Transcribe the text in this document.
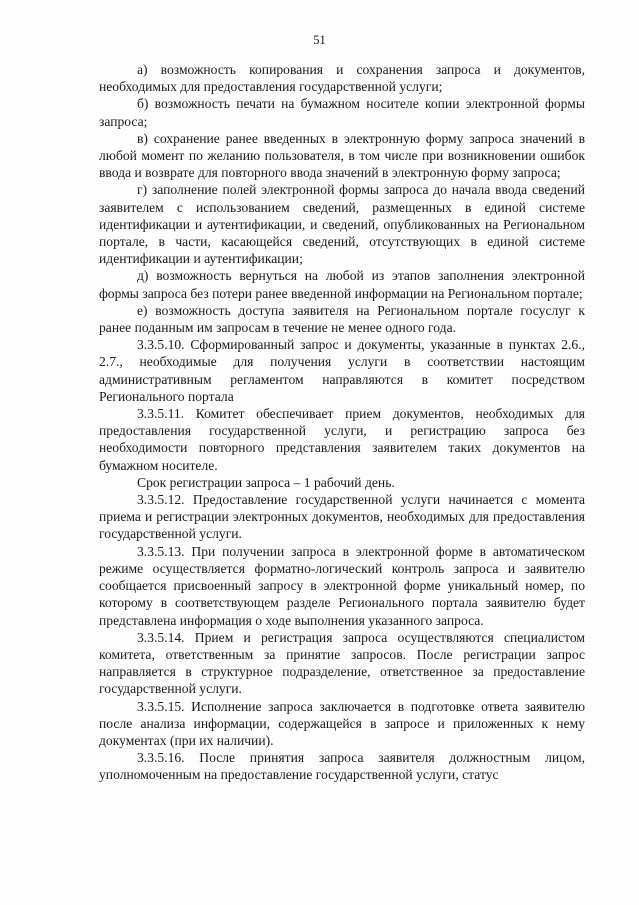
51

а) возможность копирования и сохранения запроса и документов, необходимых для предоставления государственной услуги;

б) возможность печати на бумажном носителе копии электронной формы запроса;

в) сохранение ранее введенных в электронную форму запроса значений в любой момент по желанию пользователя, в том числе при возникновении ошибок ввода и возврате для повторного ввода значений в электронную форму запроса;

г) заполнение полей электронной формы запроса до начала ввода сведений заявителем с использованием сведений, размещенных в единой системе идентификации и аутентификации, и сведений, опубликованных на Региональном портале, в части, касающейся сведений, отсутствующих в единой системе идентификации и аутентификации;

д) возможность вернуться на любой из этапов заполнения электронной формы запроса без потери ранее введенной информации на Региональном портале;

е) возможность доступа заявителя на Региональном портале госуслуг к ранее поданным им запросам в течение не менее одного года.

3.3.5.10. Сформированный запрос и документы, указанные в пунктах 2.6., 2.7., необходимые для получения услуги в соответствии настоящим административным регламентом направляются в комитет посредством Регионального портала

3.3.5.11. Комитет обеспечивает прием документов, необходимых для предоставления государственной услуги, и регистрацию запроса без необходимости повторного представления заявителем таких документов на бумажном носителе.

Срок регистрации запроса – 1 рабочий день.

3.3.5.12. Предоставление государственной услуги начинается с момента приема и регистрации электронных документов, необходимых для предоставления государственной услуги.

3.3.5.13. При получении запроса в электронной форме в автоматическом режиме осуществляется форматно-логический контроль запроса и заявителю сообщается присвоенный запросу в электронной форме уникальный номер, по которому в соответствующем разделе Регионального портала заявителю будет представлена информация о ходе выполнения указанного запроса.

3.3.5.14. Прием и регистрация запроса осуществляются специалистом комитета, ответственным за принятие запросов. После регистрации запрос направляется в структурное подразделение, ответственное за предоставление государственной услуги.

3.3.5.15. Исполнение запроса заключается в подготовке ответа заявителю после анализа информации, содержащейся в запросе и приложенных к нему документах (при их наличии).

3.3.5.16. После принятия запроса заявителя должностным лицом, уполномоченным на предоставление государственной услуги, статус
